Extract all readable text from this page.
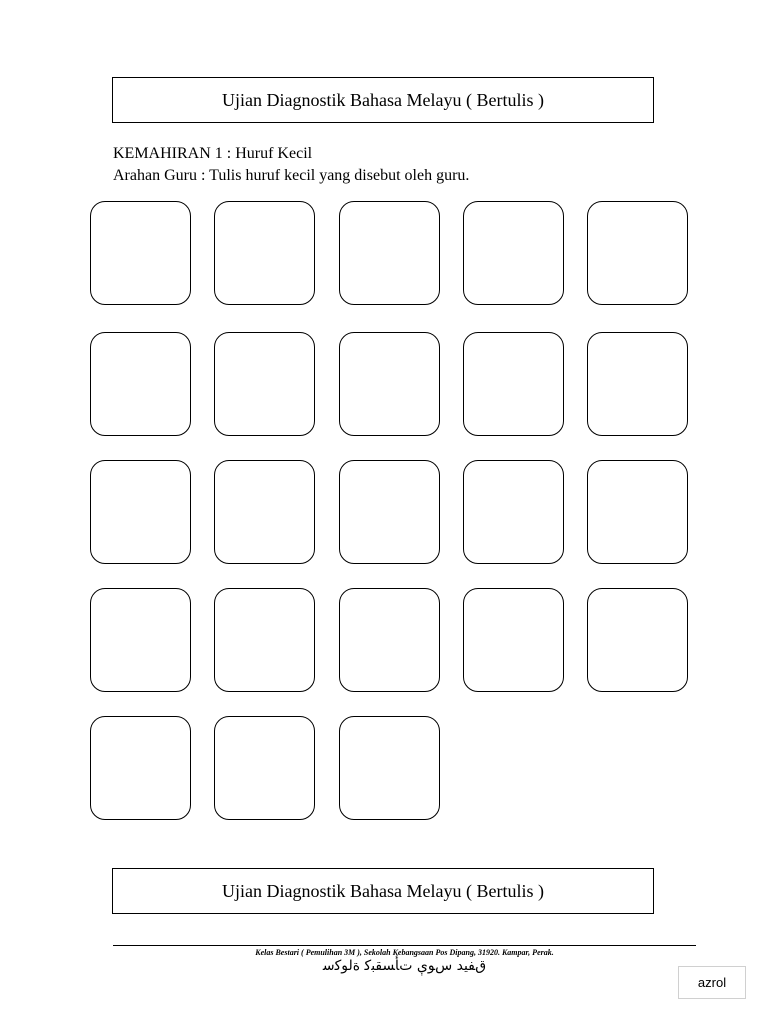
Ujian Diagnostik Bahasa Melayu ( Bertulis )
KEMAHIRAN 1 : Huruf Kecil
Arahan Guru : Tulis huruf kecil yang disebut oleh guru.
Ujian Diagnostik Bahasa Melayu ( Bertulis )
Kelas Bestari ( Pemulihan 3M ), Sekolah Kebangsaan Pos Dipang, 31920. Kampar, Perak.
ﻕﻔﻴﺪ ﺱﻮﯤ ﺕﺄﺴﻘﺒﮐ ﺓﻟﻮﮐﺳ
azrol
